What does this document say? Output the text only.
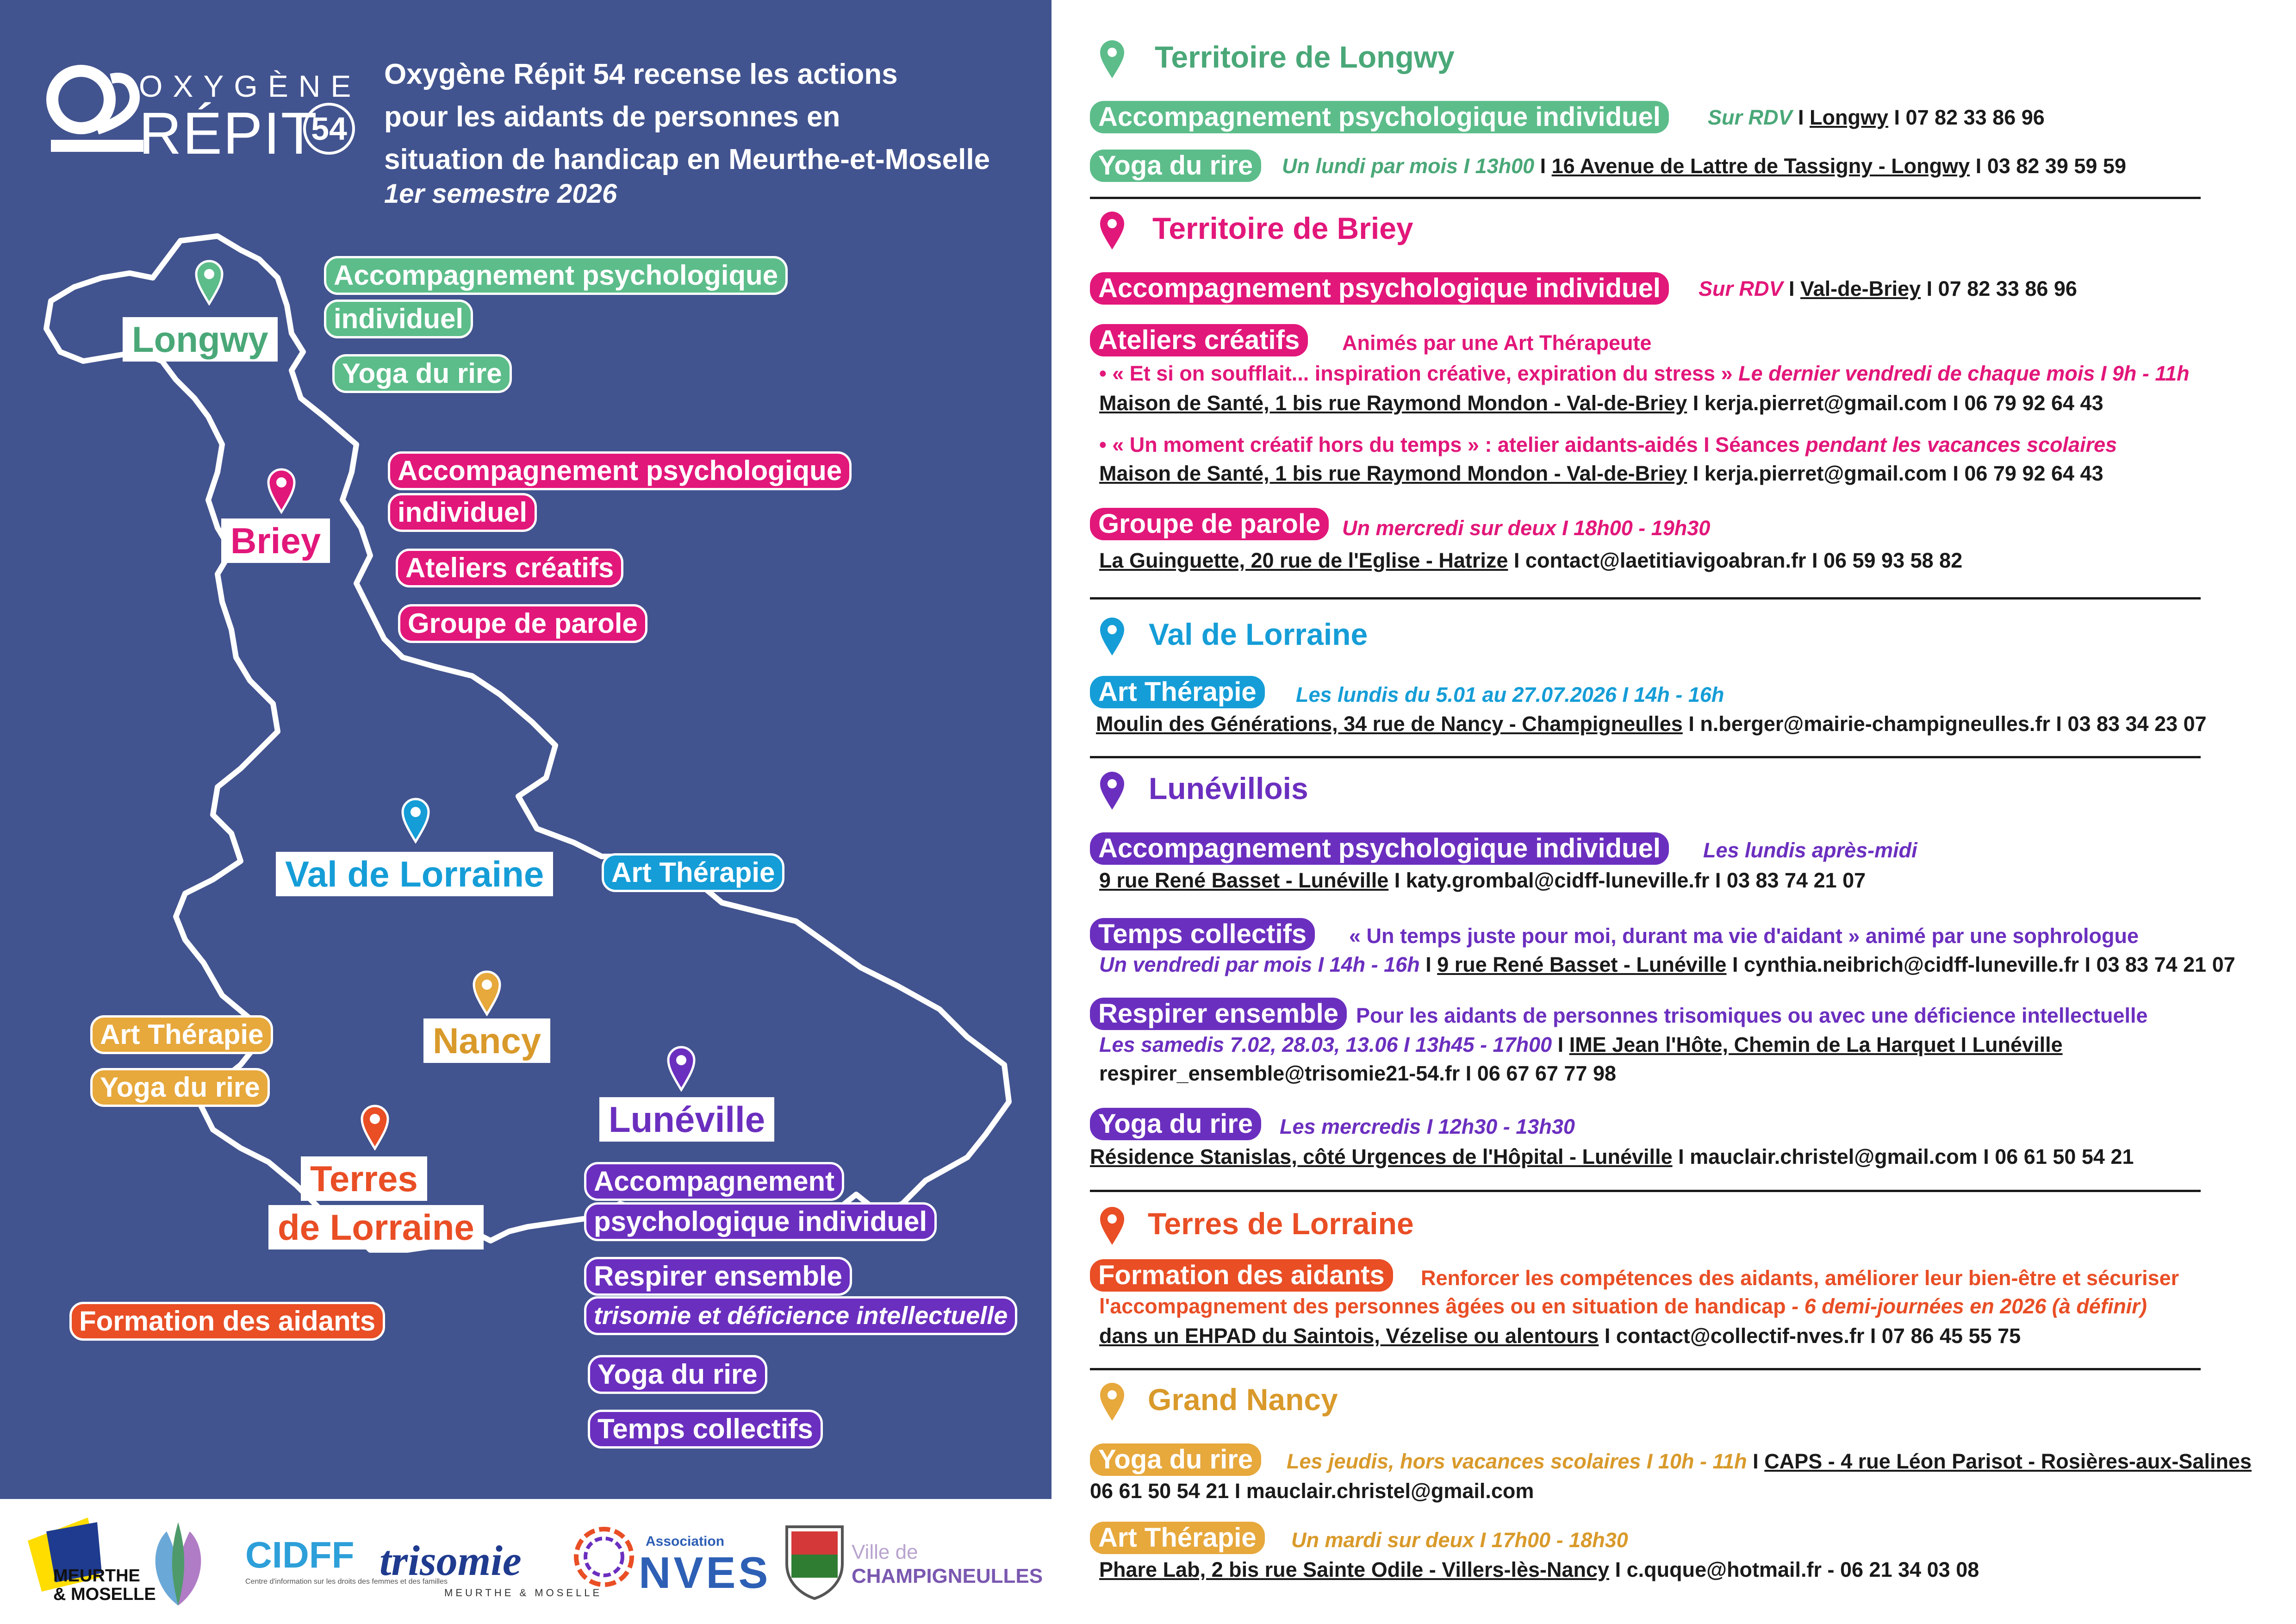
OXYGÈNE
RÉPIT
54
Oxygène Répit 54 recense les actions
pour les aidants de personnes en
situation de handicap en Meurthe-et-Moselle
1er semestre 2026
Longwy
Accompagnement psychologique
individuel
Yoga du rire
Briey
Accompagnement psychologique
individuel
Ateliers créatifs
Groupe de parole
Val de Lorraine	Art Thérapie
Nancy
Art Thérapie
Yoga du rire
Terres
de Lorraine
Formation des aidants
Lunéville
Accompagnement
psychologique individuel
Respirer ensemble
trisomie et déficience intellectuelle
Yoga du rire
Temps collectifs
MEURTHE
& MOSELLE
CIDFF
Centre d'information sur les droits des femmes et des familles
trisomie
MEURTHE & MOSELLE
Association
NVES	Ville de
CHAMPIGNEULLES
Territoire de Longwy
Accompagnement psychologique individuel	Sur RDV I Longwy I 07 82 33 86 96
Yoga du rire	Un lundi par mois I 13h00 I 16 Avenue de Lattre de Tassigny - Longwy I 03 82 39 59 59
Territoire de Briey
Accompagnement psychologique individuel	Sur RDV I Val-de-Briey I 07 82 33 86 96
Ateliers créatifs	Animés par une Art Thérapeute
• « Et si on soufflait... inspiration créative, expiration du stress » Le dernier vendredi de chaque mois I 9h - 11h
Maison de Santé, 1 bis rue Raymond Mondon - Val-de-Briey I kerja.pierret@gmail.com I 06 79 92 64 43
• « Un moment créatif hors du temps » : atelier aidants-aidés I Séances pendant les vacances scolaires
Maison de Santé, 1 bis rue Raymond Mondon - Val-de-Briey I kerja.pierret@gmail.com I 06 79 92 64 43
Groupe de parole	Un mercredi sur deux I 18h00 - 19h30
La Guinguette, 20 rue de l'Eglise - Hatrize I contact@laetitiavigoabran.fr I 06 59 93 58 82
Val de Lorraine
Art Thérapie	Les lundis du 5.01 au 27.07.2026 I 14h - 16h
Moulin des Générations, 34 rue de Nancy - Champigneulles I n.berger@mairie-champigneulles.fr I 03 83 34 23 07
Lunévillois
Accompagnement psychologique individuel	Les lundis après-midi
9 rue René Basset - Lunéville I katy.grombal@cidff-luneville.fr I 03 83 74 21 07
Temps collectifs	« Un temps juste pour moi, durant ma vie d'aidant » animé par une sophrologue
Un vendredi par mois I 14h - 16h I 9 rue René Basset - Lunéville I cynthia.neibrich@cidff-luneville.fr I 03 83 74 21 07
Respirer ensemble Pour les aidants de personnes trisomiques ou avec une déficience intellectuelle
Les samedis 7.02, 28.03, 13.06 I 13h45 - 17h00 I IME Jean l'Hôte, Chemin de La Harquet I Lunéville
respirer_ensemble@trisomie21-54.fr I 06 67 67 77 98
Yoga du rire	Les mercredis I 12h30 - 13h30
Résidence Stanislas, côté Urgences de l'Hôpital - Lunéville I mauclair.christel@gmail.com I 06 61 50 54 21
Terres de Lorraine
Formation des aidants	Renforcer les compétences des aidants, améliorer leur bien-être et sécuriser
l'accompagnement des personnes âgées ou en situation de handicap - 6 demi-journées en 2026 (à définir)
dans un EHPAD du Saintois, Vézelise ou alentours I contact@collectif-nves.fr I 07 86 45 55 75
Grand Nancy
Yoga du rire	Les jeudis, hors vacances scolaires I 10h - 11h I CAPS - 4 rue Léon Parisot - Rosières-aux-Salines
06 61 50 54 21 I mauclair.christel@gmail.com
Art Thérapie	Un mardi sur deux I 17h00 - 18h30
Phare Lab, 2 bis rue Sainte Odile - Villers-lès-Nancy I c.quque@hotmail.fr - 06 21 34 03 08
